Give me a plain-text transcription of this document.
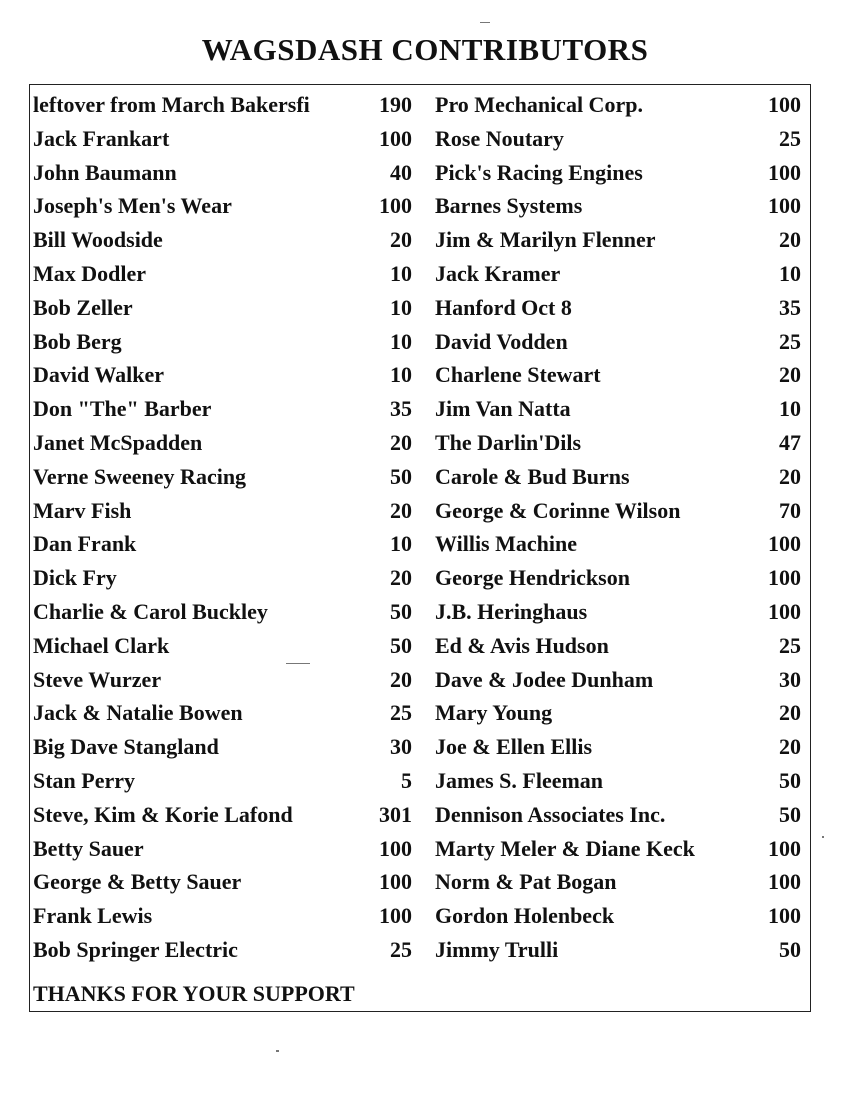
WAGSDASH CONTRIBUTORS
leftover from March Bakersfi	190 Pro Mechanical Corp.	100
Jack Frankart	100 Rose Noutary	25
John Baumann	40 Pick's Racing Engines	100
Joseph's Men's Wear	100 Barnes Systems	100
Bill Woodside	20 Jim & Marilyn Flenner	20
Max Dodler	10 Jack Kramer	10
Bob Zeller	10 Hanford Oct 8	35
Bob Berg	10 David Vodden	25
David Walker	10 Charlene Stewart	20
Don "The" Barber	35 Jim Van Natta	10
Janet McSpadden	20 The Darlin'Dils	47
Verne Sweeney Racing	50 Carole & Bud Burns	20
Marv Fish	20 George & Corinne Wilson	70
Dan Frank	10 Willis Machine	100
Dick Fry	20 George Hendrickson	100
Charlie & Carol Buckley	50 J.B. Heringhaus	100
Michael Clark	50 Ed & Avis Hudson	25
Steve Wurzer	20 Dave & Jodee Dunham	30
Jack & Natalie Bowen	25 Mary Young	20
Big Dave Stangland	30 Joe & Ellen Ellis	20
Stan Perry	5 James S. Fleeman	50
Steve, Kim & Korie Lafond	301 Dennison Associates Inc.	50
Betty Sauer	100 Marty Meler & Diane Keck	100
George & Betty Sauer	100 Norm & Pat Bogan	100
Frank Lewis	100 Gordon Holenbeck	100
Bob Springer Electric	25 Jimmy Trulli	50
THANKS FOR YOUR SUPPORT
